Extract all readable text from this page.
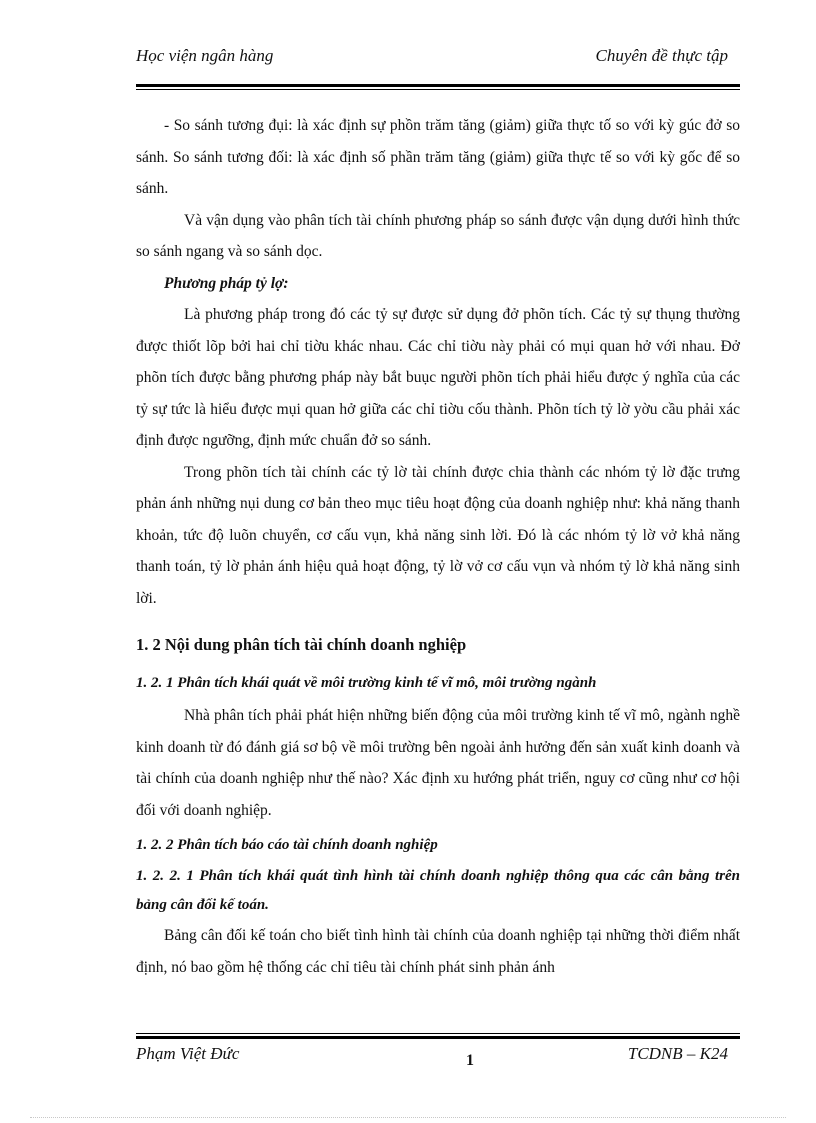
Học viện ngân hàng	Chuyên đề thực tập

- So sánh tương đụi: là xác định sự phồn trăm tăng (giảm) giữa thực tố so với kỳ gúc đở so sánh. So sánh tương đối: là xác định số phần trăm tăng (giảm) giữa thực tế so với kỳ gốc để so sánh.

Và vận dụng vào phân tích tài chính phương pháp so sánh được vận dụng dưới hình thức so sánh ngang và so sánh dọc.

Phương pháp tỷ lợ:

Là phương pháp trong đó các tỷ sự được sử dụng đở phõn tích. Các tỷ sự thụng thường được thiốt lõp bởi hai chỉ tiờu khác nhau. Các chỉ tiờu này phải có mụi quan hở với nhau. Đở phõn tích được bằng phương pháp này bắt buục người phõn tích phải hiểu được ý nghĩa của các tỷ sự tức là hiểu được mụi quan hở giữa các chỉ tiờu cốu thành. Phõn tích tỷ lờ yờu cầu phải xác định được ngưỡng, định mức chuẩn đở so sánh.

Trong phõn tích tài chính các tỷ lờ tài chính được chia thành các nhóm tỷ lờ đặc trưng phản ánh những nụi dung cơ bản theo mục tiêu hoạt động của doanh nghiệp như: khả năng thanh khoản, tức độ luõn chuyển, cơ cấu vụn, khả năng sinh lời. Đó là các nhóm tỷ lờ vở khả năng thanh toán, tỷ lờ phản ánh hiệu quả hoạt động, tỷ lờ vở cơ cấu vụn và nhóm tỷ lờ khả năng sinh lời.

1. 2 Nội dung phân tích tài chính doanh nghiệp

1. 2. 1 Phân tích khái quát về môi trường kinh tế vĩ mô, môi trường ngành

Nhà phân tích phải phát hiện những biến động của môi trường kinh tế vĩ mô, ngành nghề kinh doanh từ đó đánh giá sơ bộ về môi trường bên ngoài ảnh hưởng đến sản xuất kinh doanh và tài chính của doanh nghiệp như thế nào? Xác định xu hướng phát triển, nguy cơ cũng như cơ hội đối với doanh nghiệp.

1. 2. 2 Phân tích báo cáo tài chính doanh nghiệp

1. 2. 2. 1 Phân tích khái quát tình hình tài chính doanh nghiệp thông qua các cân bằng trên bảng cân đối kế toán.

Bảng cân đối kế toán cho biết tình hình tài chính của doanh nghiệp tại những thời điểm nhất định, nó bao gồm hệ thống các chỉ tiêu tài chính phát sinh phản ánh

Phạm Việt Đức	1	TCDNB – K24
